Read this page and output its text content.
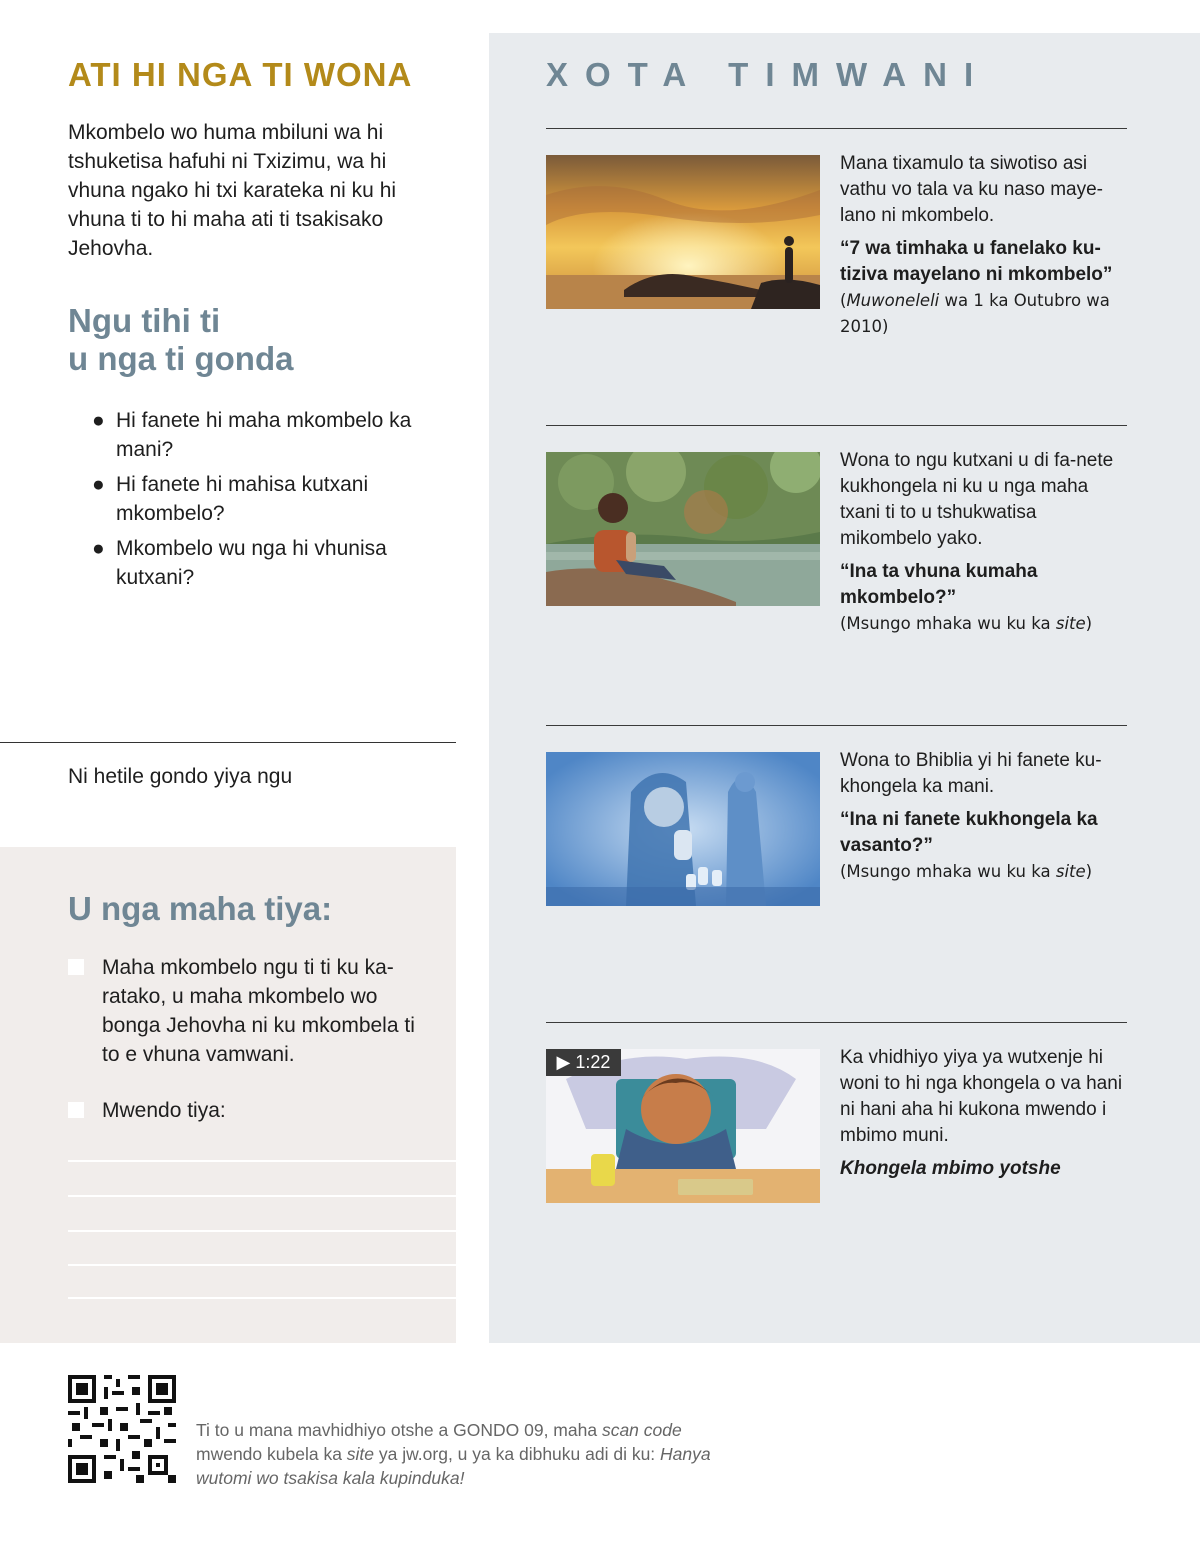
ATI HI NGA TI WONA

Mkombelo wo huma mbiluni wa hi tshuketisa hafuhi ni Txizimu, wa hi vhuna ngako hi txi karateka ni ku hi vhuna ti to hi maha ati ti tsakisako Jehovha.

Ngu tihi ti
u nga ti gonda
● Hi fanete hi maha mkombelo ka mani?
● Hi fanete hi mahisa kutxani mkombelo?
● Mkombelo wu nga hi vhunisa kutxani?

Ni hetile gondo yiya ngu

U nga maha tiya:
Maha mkombelo ngu ti ti ku ka-ratako, u maha mkombelo wo bonga Jehovha ni ku mkombela ti to e vhuna vamwani.
Mwendo tiya:
XOTA TIMWANI

Mana tixamulo ta siwotiso asi vathu vo tala va ku naso maye-lano ni mkombelo.

“7 wa timhaka u fanelako ku-tiziva mayelano ni mkombelo”

(Muwoneleli wa 1 ka Outubro wa 2010)

Wona to ngu kutxani u di fa-nete kukhongela ni ku u nga maha txani ti to u tshukwatisa mikombelo yako.

“Ina ta vhuna kumaha mkombelo?”

(Msungo mhaka wu ku ka site)

Wona to Bhiblia yi hi fanete ku-khongela ka mani.

“Ina ni fanete kukhongela ka vasanto?”

(Msungo mhaka wu ku ka site)

▶ 1:22	Ka vhidhiyo yiya ya wutxenje hi woni to hi nga khongela o va hani ni hani aha hi kukona mwendo i mbimo muni.

Khongela mbimo yotshe

Ti to u mana mavhidhiyo otshe a GONDO 09, maha scan code mwendo kubela ka site ya jw.org, u ya ka dibhuku adi di ku: Hanya wutomi wo tsakisa kala kupinduka!
